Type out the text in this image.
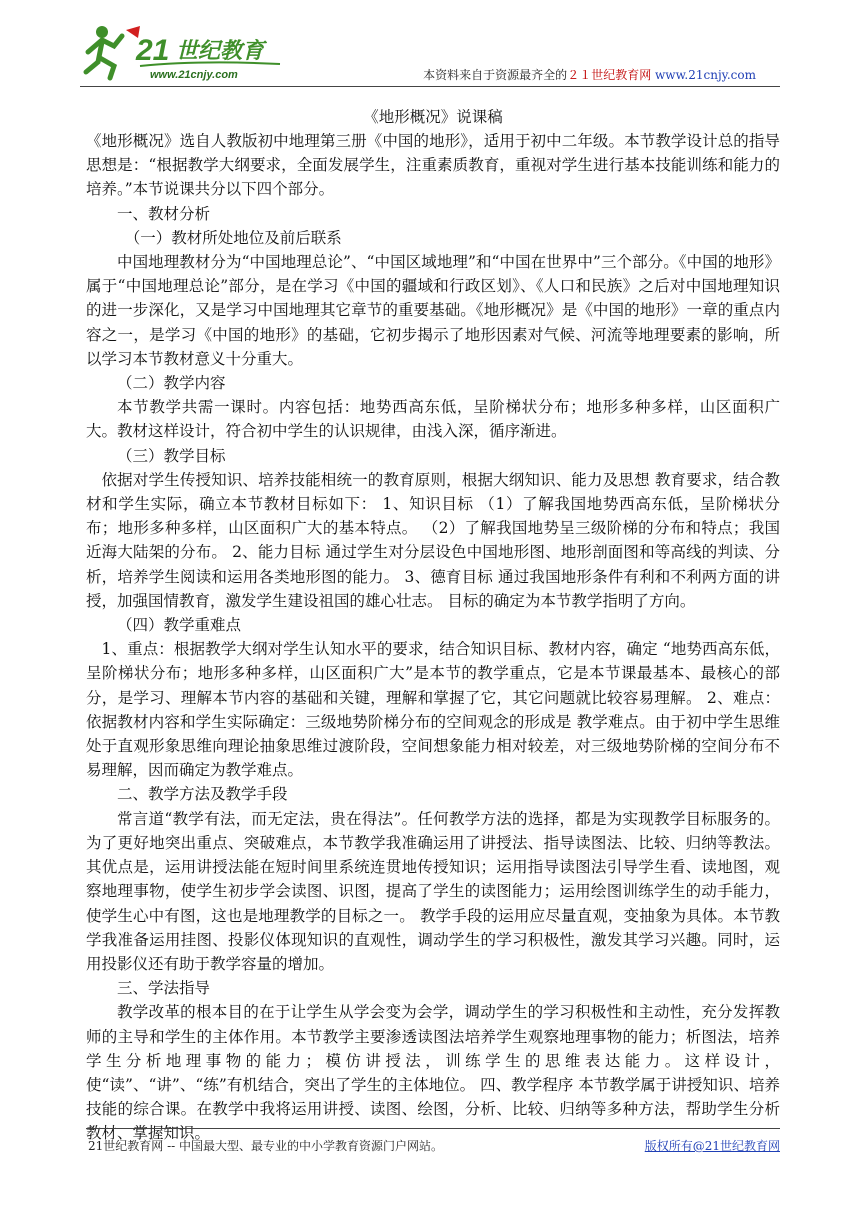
21 世纪教育
www.21cnjy.com	本资料来自于资源最齐全的２１世纪教育网 www.21cnjy.com

《地形概况》说课稿

《地形概况》选自人教版初中地理第三册《中国的地形》，适用于初中二年级。本节教学设计总的指导思想是：“根据教学大纲要求，全面发展学生，注重素质教育，重视对学生进行基本技能训练和能力的培养。”本节说课共分以下四个部分。

一、教材分析

（一）教材所处地位及前后联系

中国地理教材分为“中国地理总论”、“中国区域地理”和“中国在世界中”三个部分。《中国的地形》属于“中国地理总论”部分，是在学习《中国的疆域和行政区划》、《人口和民族》之后对中国地理知识的进一步深化，又是学习中国地理其它章节的重要基础。《地形概况》是《中国的地形》一章的重点内容之一，是学习《中国的地形》的基础，它初步揭示了地形因素对气候、河流等地理要素的影响，所以学习本节教材意义十分重大。

（二）教学内容

本节教学共需一课时。内容包括：地势西高东低，呈阶梯状分布；地形多种多样，山区面积广大。教材这样设计，符合初中学生的认识规律，由浅入深，循序渐进。

（三）教学目标

依据对学生传授知识、培养技能相统一的教育原则，根据大纲知识、能力及思想 教育要求，结合教材和学生实际，确立本节教材目标如下： 1、知识目标 （1）了解我国地势西高东低，呈阶梯状分布；地形多种多样，山区面积广大的基本特点。 （2）了解我国地势呈三级阶梯的分布和特点；我国近海大陆架的分布。 2、能力目标 通过学生对分层设色中国地形图、地形剖面图和等高线的判读、分析，培养学生阅读和运用各类地形图的能力。 3、德育目标 通过我国地形条件有利和不利两方面的讲授，加强国情教育，激发学生建设祖国的雄心壮志。 目标的确定为本节教学指明了方向。

（四）教学重难点

1、重点：根据教学大纲对学生认知水平的要求，结合知识目标、教材内容，确定 “地势西高东低，呈阶梯状分布；地形多种多样，山区面积广大”是本节的教学重点，它是本节课最基本、最核心的部分，是学习、理解本节内容的基础和关键，理解和掌握了它，其它问题就比较容易理解。 2、难点：依据教材内容和学生实际确定：三级地势阶梯分布的空间观念的形成是 教学难点。由于初中学生思维处于直观形象思维向理论抽象思维过渡阶段，空间想象能力相对较差，对三级地势阶梯的空间分布不易理解，因而确定为教学难点。

二、教学方法及教学手段

常言道“教学有法，而无定法，贵在得法”。任何教学方法的选择，都是为实现教学目标服务的。为了更好地突出重点、突破难点，本节教学我准确运用了讲授法、指导读图法、比较、归纳等教法。其优点是，运用讲授法能在短时间里系统连贯地传授知识；运用指导读图法引导学生看、读地图，观察地理事物，使学生初步学会读图、识图，提高了学生的读图能力；运用绘图训练学生的动手能力，使学生心中有图，这也是地理教学的目标之一。 教学手段的运用应尽量直观，变抽象为具体。本节教学我准备运用挂图、投影仪体现知识的直观性，调动学生的学习积极性，激发其学习兴趣。同时，运用投影仪还有助于教学容量的增加。

三、学法指导

教学改革的根本目的在于让学生从学会变为会学，调动学生的学习积极性和主动性，充分发挥教师的主导和学生的主体作用。本节教学主要渗透读图法培养学生观察地理事物的能力；析图法，培养学生分析地理事物的能力；模仿讲授法，训练学生的思维表达能力。这样设计，使“读”、“讲”、“练”有机结合，突出了学生的主体地位。 四、教学程序 本节教学属于讲授知识、培养技能的综合课。在教学中我将运用讲授、读图、绘图，分析、比较、归纳等多种方法，帮助学生分析教材、掌握知识。

21世纪教育网 -- 中国最大型、最专业的中小学教育资源门户网站。	版权所有@21世纪教育网
